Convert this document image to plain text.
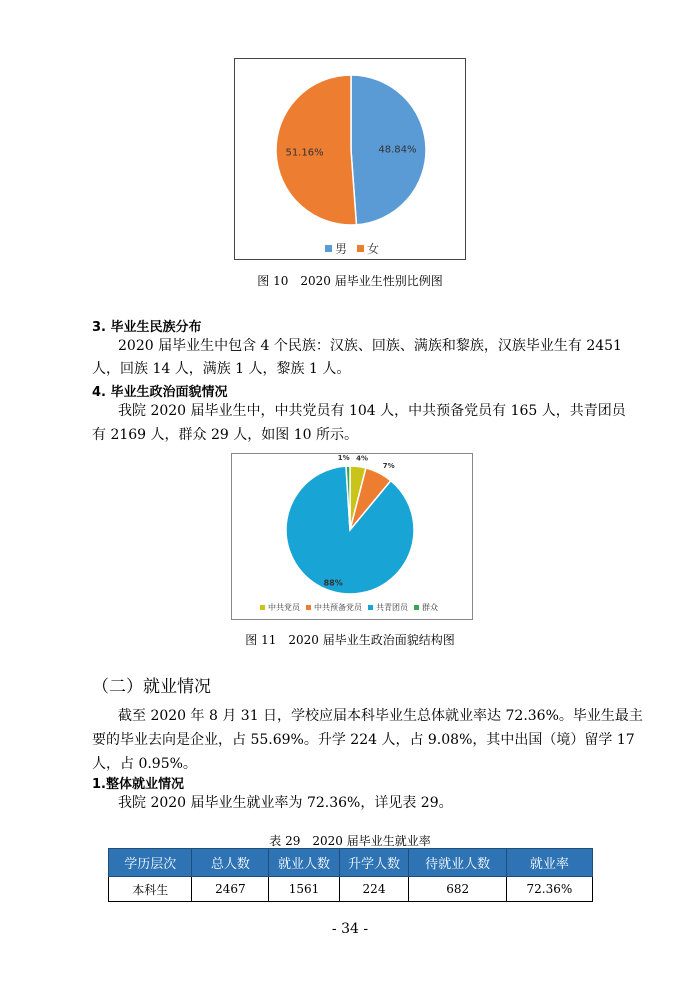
48.84%
51.16%
男 女
图 10　2020 届毕业生性别比例图
3. 毕业生民族分布
2020 届毕业生中包含 4 个民族：汉族、回族、满族和黎族，汉族毕业生有 2451
人，回族 14 人，满族 1 人，黎族 1 人。
4. 毕业生政治面貌情况
我院 2020 届毕业生中，中共党员有 104 人，中共预备党员有 165 人，共青团员
有 2169 人，群众 29 人，如图 10 所示。
4%
7%
88%
1%
中共党员 中共预备党员 共青团员 群众
图 11　2020 届毕业生政治面貌结构图
（二）就业情况
截至 2020 年 8 月 31 日，学校应届本科毕业生总体就业率达 72.36%。毕业生最主
要的毕业去向是企业，占 55.69%。升学 224 人，占 9.08%，其中出国（境）留学 17
人，占 0.95%。
1.整体就业情况
我院 2020 届毕业生就业率为 72.36%，详见表 29。
表 29　2020 届毕业生就业率
学历层次	总人数	就业人数	升学人数	待就业人数	就业率
本科生	2467	1561	224	682	72.36%
- 34 -
